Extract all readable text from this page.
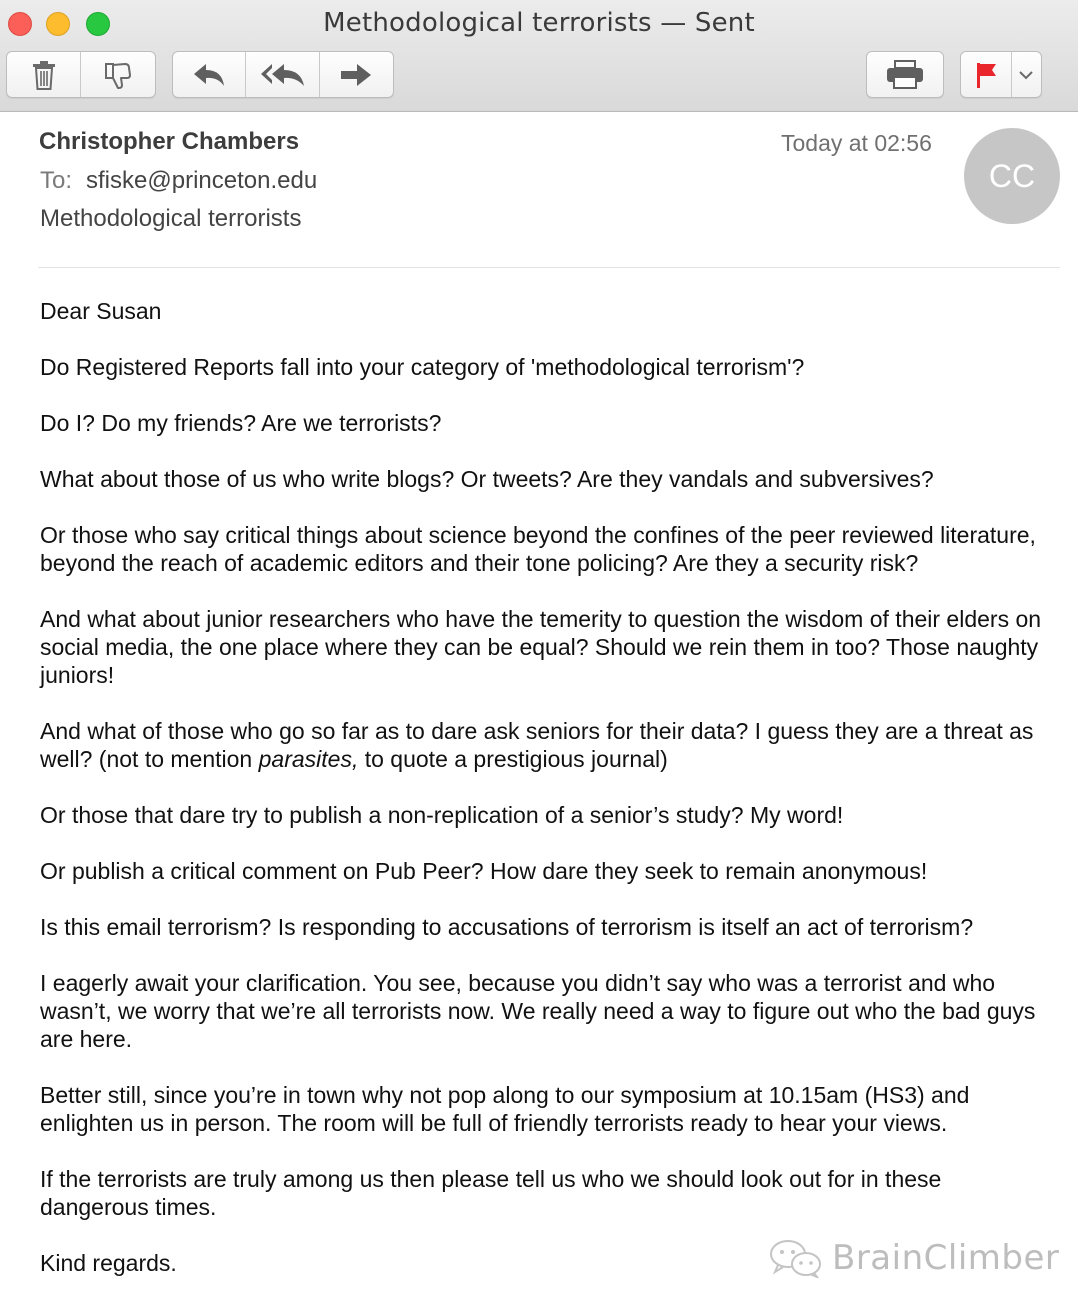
Methodological terrorists — Sent
Christopher Chambers
To: sfiske@princeton.edu
Methodological terrorists
Today at 02:56
CC

Dear Susan

Do Registered Reports fall into your category of 'methodological terrorism'?

Do I? Do my friends? Are we terrorists?

What about those of us who write blogs? Or tweets? Are they vandals and subversives?

Or those who say critical things about science beyond the confines of the peer reviewed literature, beyond the reach of academic editors and their tone policing? Are they a security risk?

And what about junior researchers who have the temerity to question the wisdom of their elders on social media, the one place where they can be equal? Should we rein them in too? Those naughty juniors!

And what of those who go so far as to dare ask seniors for their data? I guess they are a threat as well? (not to mention parasites, to quote a prestigious journal)

Or those that dare try to publish a non-replication of a senior’s study? My word!

Or publish a critical comment on Pub Peer? How dare they seek to remain anonymous!

Is this email terrorism? Is responding to accusations of terrorism is itself an act of terrorism?

I eagerly await your clarification. You see, because you didn’t say who was a terrorist and who wasn’t, we worry that we’re all terrorists now. We really need a way to figure out who the bad guys are here.

Better still, since you’re in town why not pop along to our symposium at 10.15am (HS3) and enlighten us in person. The room will be full of friendly terrorists ready to hear your views.

If the terrorists are truly among us then please tell us who we should look out for in these dangerous times.

Kind regards.	BrainClimber
